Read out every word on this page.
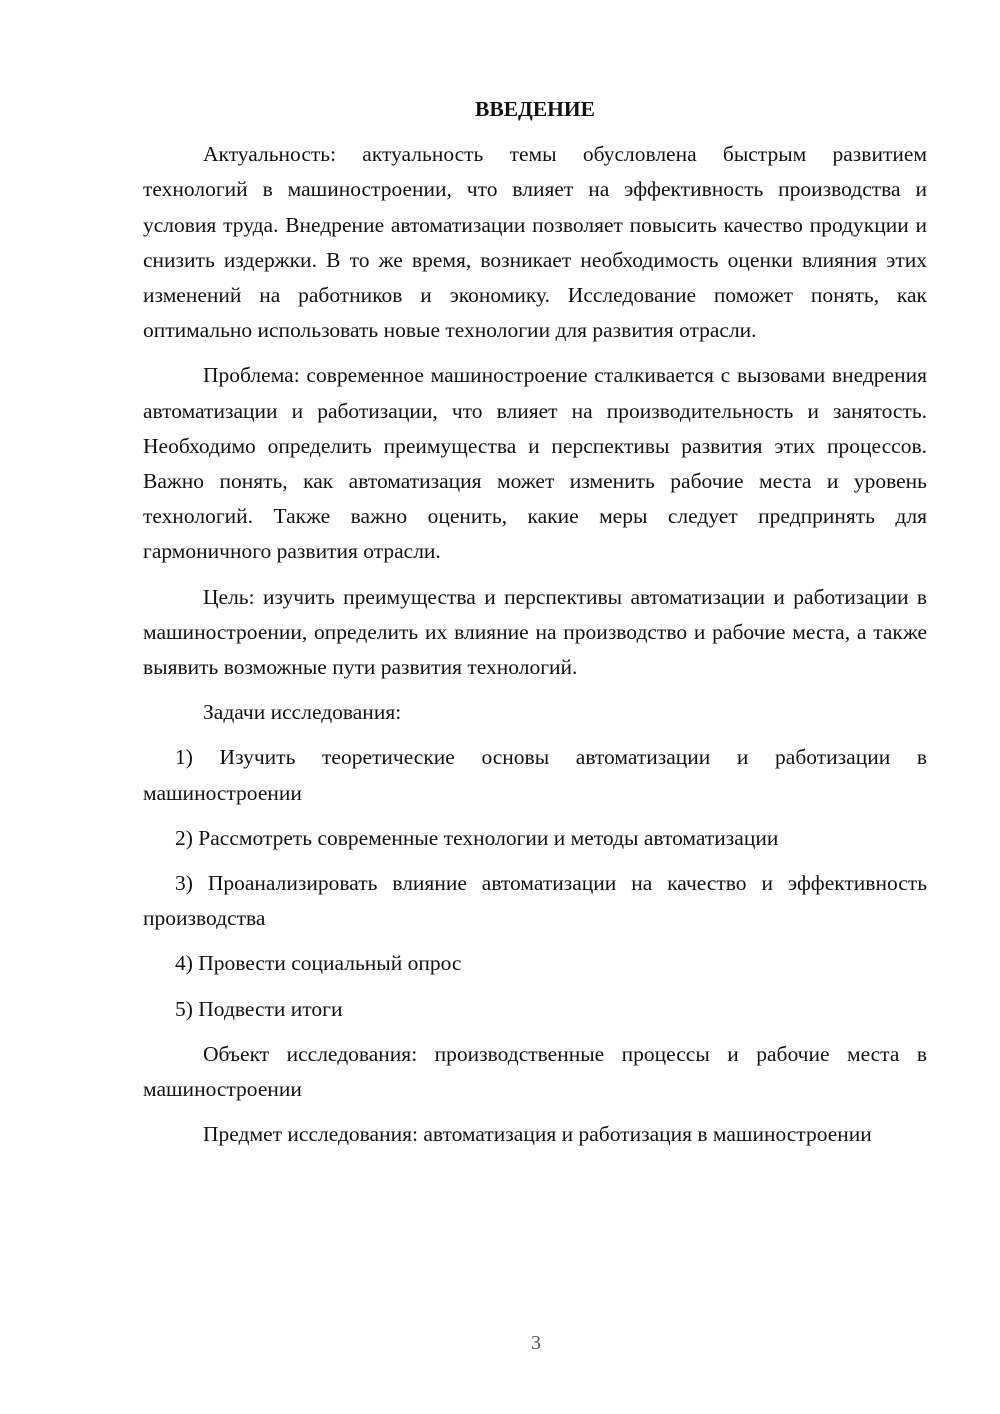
ВВЕДЕНИЕ

Актуальность: актуальность темы обусловлена быстрым развитием технологий в машиностроении, что влияет на эффективность производства и условия труда. Внедрение автоматизации позволяет повысить качество продукции и снизить издержки. В то же время, возникает необходимость оценки влияния этих изменений на работников и экономику. Исследование поможет понять, как оптимально использовать новые технологии для развития отрасли.

Проблема: современное машиностроение сталкивается с вызовами внедрения автоматизации и работизации, что влияет на производительность и занятость. Необходимо определить преимущества и перспективы развития этих процессов. Важно понять, как автоматизация может изменить рабочие места и уровень технологий. Также важно оценить, какие меры следует предпринять для гармоничного развития отрасли.

Цель: изучить преимущества и перспективы автоматизации и работизации в машиностроении, определить их влияние на производство и рабочие места, а также выявить возможные пути развития технологий.

Задачи исследования:

1) Изучить теоретические основы автоматизации и работизации в машиностроении

2) Рассмотреть современные технологии и методы автоматизации

3) Проанализировать влияние автоматизации на качество и эффективность производства

4) Провести социальный опрос

5) Подвести итоги

Объект исследования: производственные процессы и рабочие места в машиностроении

Предмет исследования: автоматизация и работизация в машиностроении

3
